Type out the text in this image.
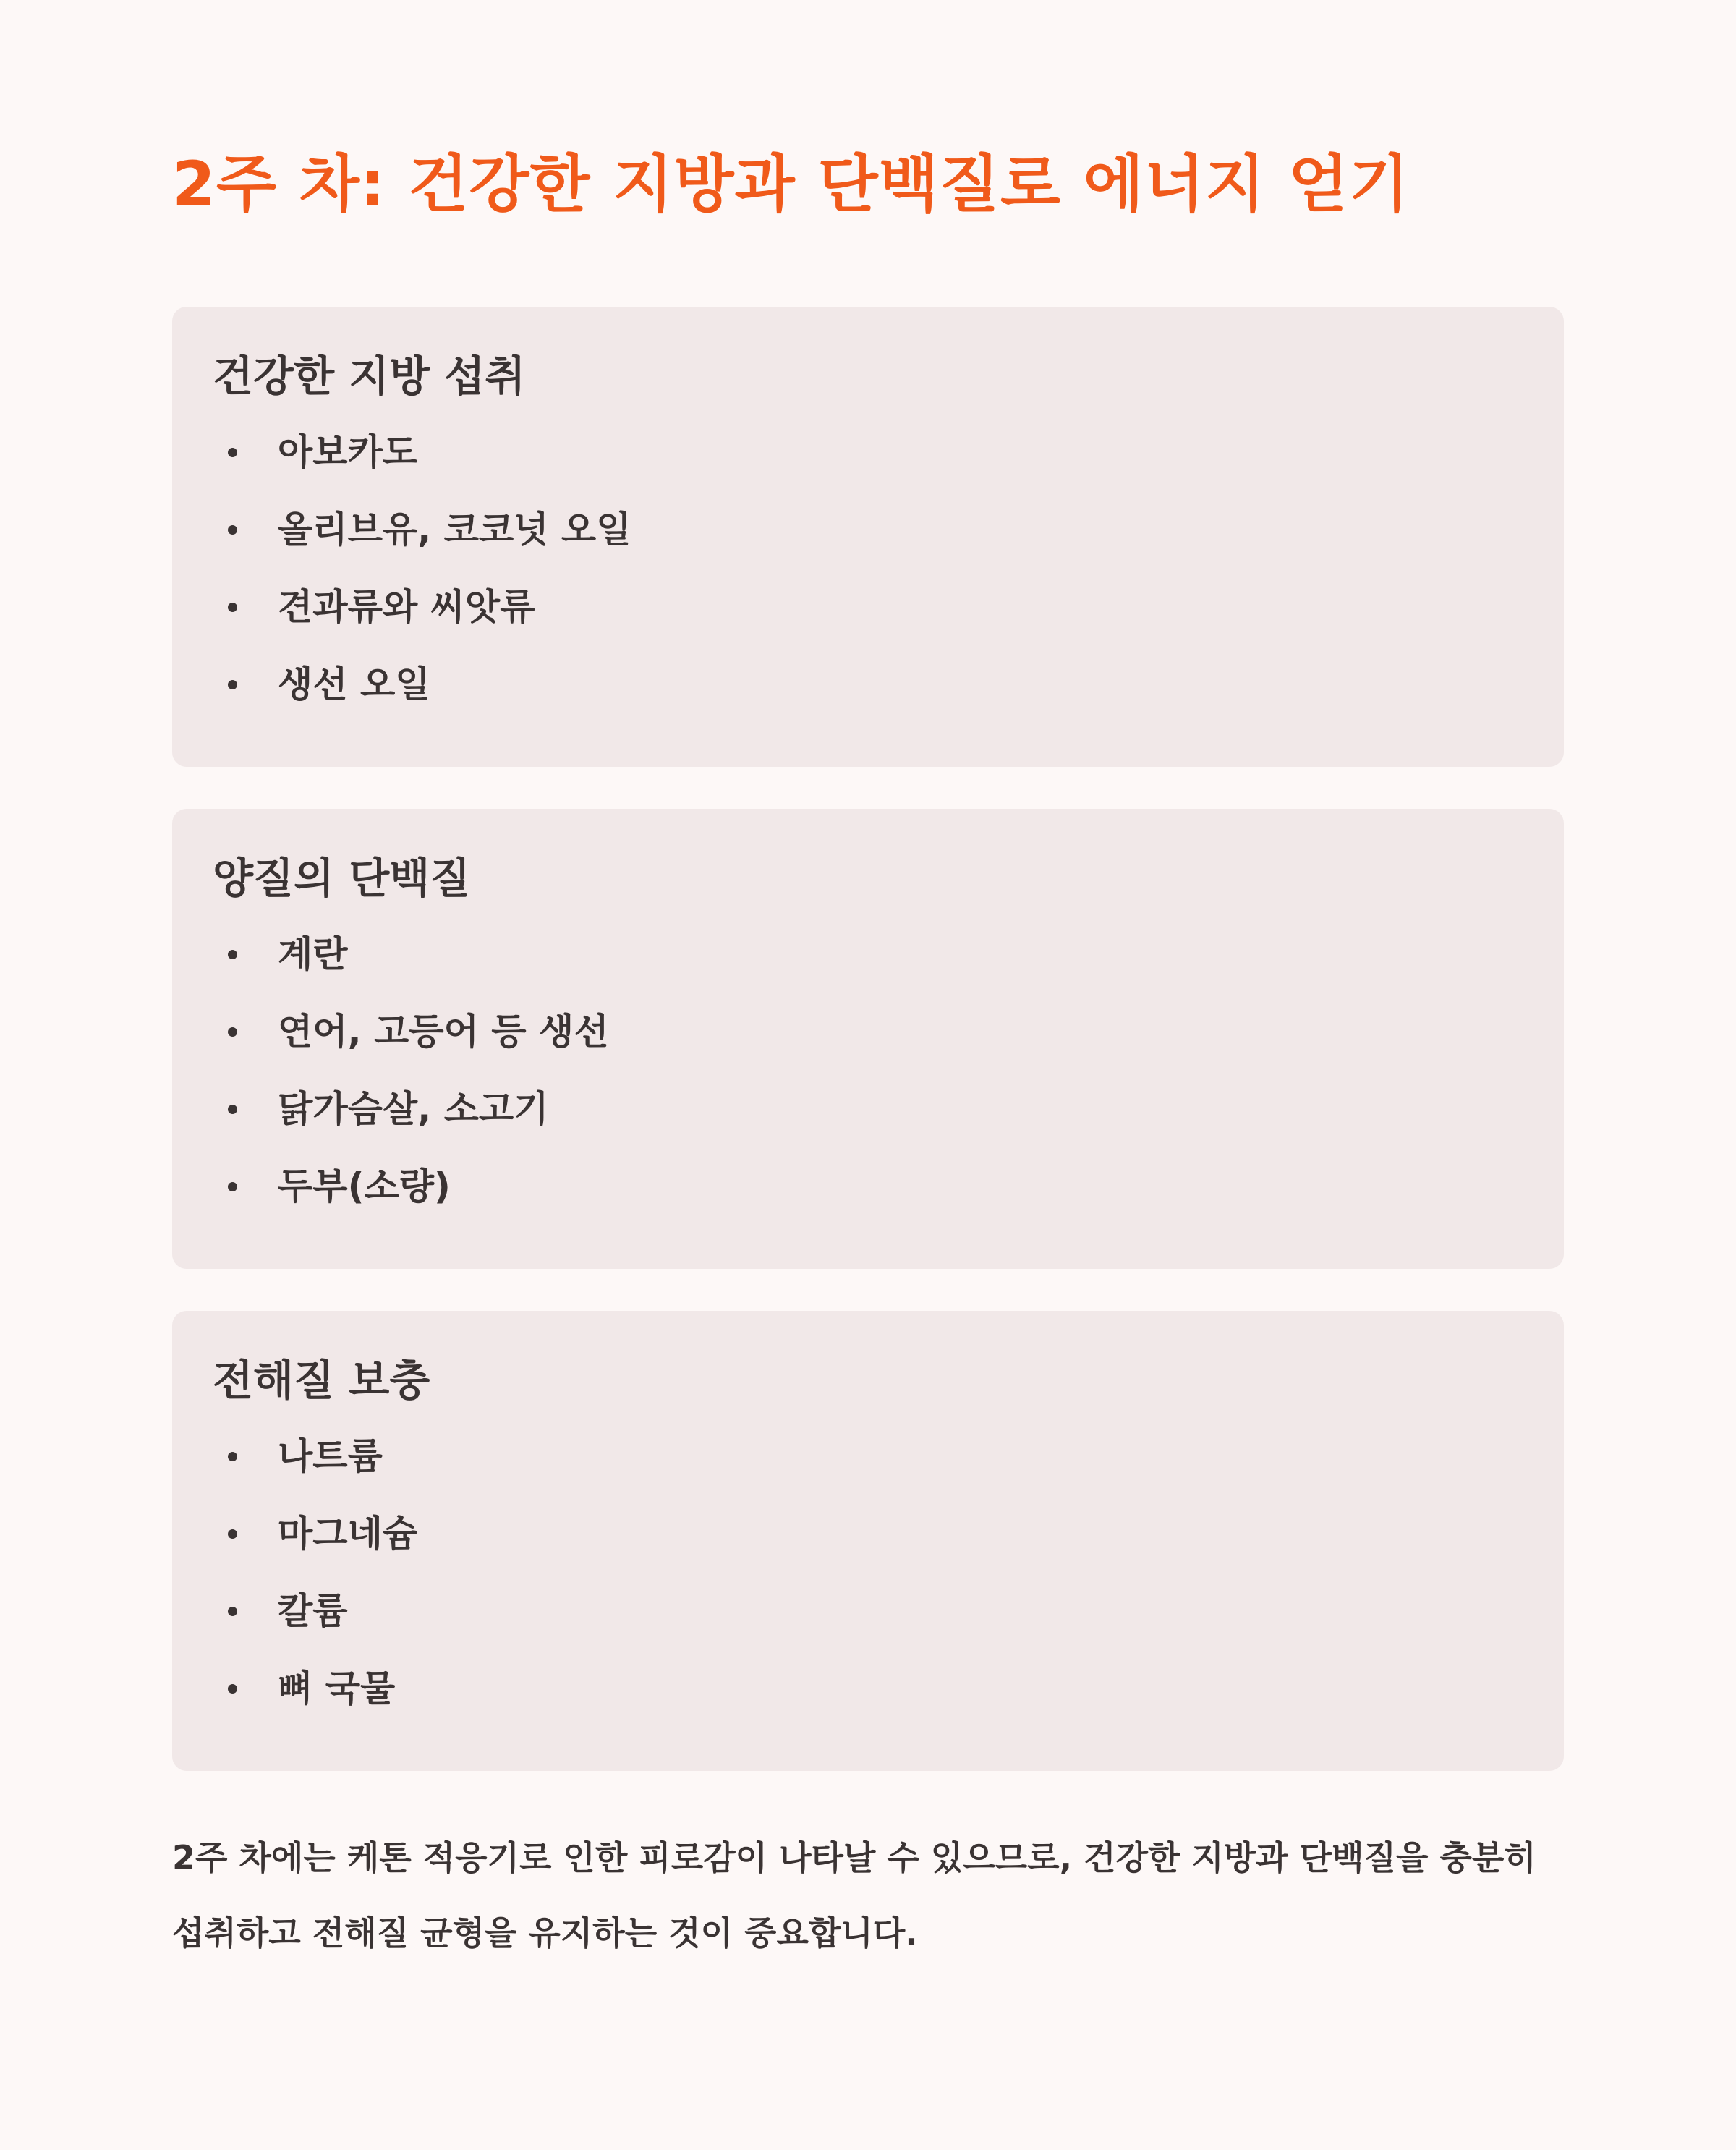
2주 차: 건강한 지방과 단백질로 에너지 얻기
건강한 지방 섭취
아보카도
올리브유, 코코넛 오일
견과류와 씨앗류
생선 오일
양질의 단백질
계란
연어, 고등어 등 생선
닭가슴살, 소고기
두부(소량)
전해질 보충
나트륨
마그네슘
칼륨
뼈 국물

2주 차에는 케톤 적응기로 인한 피로감이 나타날 수 있으므로, 건강한 지방과 단백질을 충분히 섭취하고 전해질 균형을 유지하는 것이 중요합니다.
